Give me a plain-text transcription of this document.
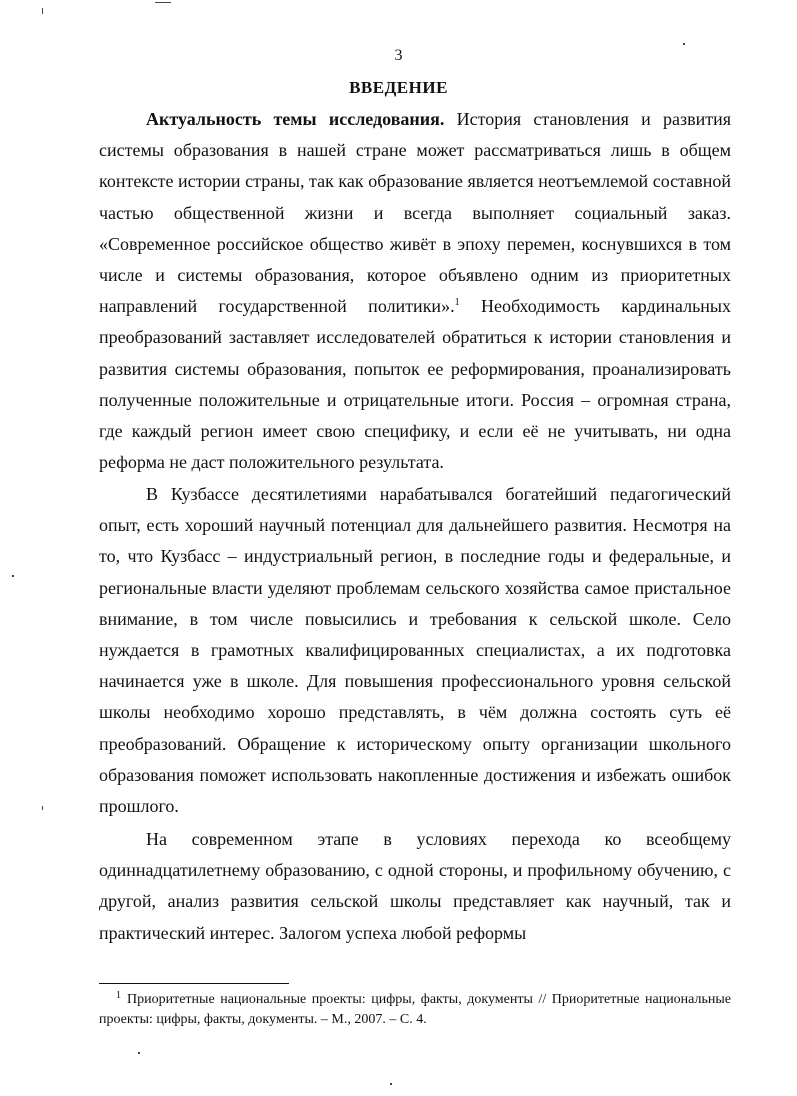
3
ВВЕДЕНИЕ

Актуальность темы исследования. История становления и развития системы образования в нашей стране может рассматриваться лишь в общем контексте истории страны, так как образование является неотъемлемой составной частью общественной жизни и всегда выполняет социальный заказ. «Современное российское общество живёт в эпоху перемен, коснувшихся в том числе и системы образования, которое объявлено одним из приоритетных направлений государственной политики».$^1$ Необходимость кардинальных преобразований заставляет исследователей обратиться к истории становления и развития системы образования, попыток ее реформирования, проанализировать полученные положительные и отрицательные итоги. Россия – огромная страна, где каждый регион имеет свою специфику, и если её не учитывать, ни одна реформа не даст положительного результата.

В Кузбассе десятилетиями нарабатывался богатейший педагогический опыт, есть хороший научный потенциал для дальнейшего развития. Несмотря на то, что Кузбасс – индустриальный регион, в последние годы и федеральные, и региональные власти уделяют проблемам сельского хозяйства самое пристальное внимание, в том числе повысились и требования к сельской школе. Село нуждается в грамотных квалифицированных специалистах, а их подготовка начинается уже в школе. Для повышения профессионального уровня сельской школы необходимо хорошо представлять, в чём должна состоять суть её преобразований. Обращение к историческому опыту организации школьного образования поможет использовать накопленные достижения и избежать ошибок прошлого.

На современном этапе в условиях перехода ко всеобщему одиннадцатилетнему образованию, с одной стороны, и профильному обучению, с другой, анализ развития сельской школы представляет как научный, так и практический интерес. Залогом успеха любой реформы

$^1$ Приоритетные национальные проекты: цифры, факты, документы // Приоритетные национальные проекты: цифры, факты, документы. – М., 2007. – С. 4.
